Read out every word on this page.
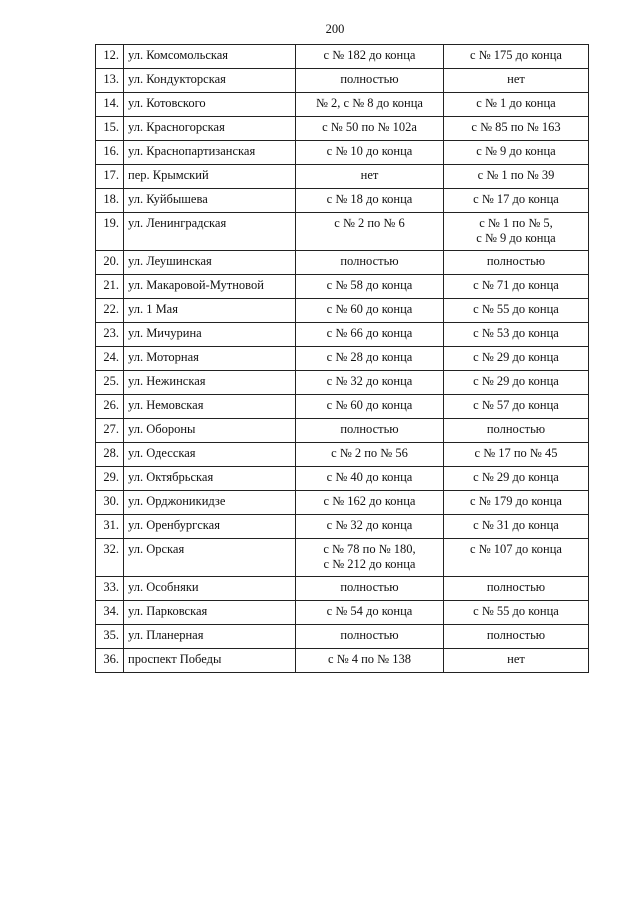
200
12.	ул. Комсомольская	с № 182 до конца	с № 175 до конца

13.	ул. Кондукторская	полностью	нет

14.	ул. Котовского	№ 2, с № 8 до конца	с № 1 до конца

15.	ул. Красногорская	с № 50 по № 102а	с № 85 по № 163

16.	ул. Краснопартизанская	с № 10 до конца	с № 9 до конца

17.	пер. Крымский	нет	с № 1 по № 39

18.	ул. Куйбышева	с № 18 до конца	с № 17 до конца

19.	ул. Ленинградская	с № 2 по № 6	с № 1 по № 5,
с № 9 до конца

20.	ул. Леушинская	полностью	полностью

21.	ул. Макаровой-Мутновой	с № 58 до конца	с № 71 до конца

22.	ул. 1 Мая	с № 60 до конца	с № 55 до конца

23.	ул. Мичурина	с № 66 до конца	с № 53 до конца

24.	ул. Моторная	с № 28 до конца	с № 29 до конца

25.	ул. Нежинская	с № 32 до конца	с № 29 до конца

26.	ул. Немовская	с № 60 до конца	с № 57 до конца

27.	ул. Обороны	полностью	полностью

28.	ул. Одесская	с № 2 по № 56	с № 17 по № 45

29.	ул. Октябрьская	с № 40 до конца	с № 29 до конца

30.	ул. Орджоникидзе	с № 162 до конца	с № 179 до конца

31.	ул. Оренбургская	с № 32 до конца	с № 31 до конца

32.	ул. Орская	с № 78 по № 180,
с № 212 до конца	с № 107 до конца

33.	ул. Особняки	полностью	полностью

34.	ул. Парковская	с № 54 до конца	с № 55 до конца

35.	ул. Планерная	полностью	полностью

36.	проспект Победы	с № 4 по № 138	нет
